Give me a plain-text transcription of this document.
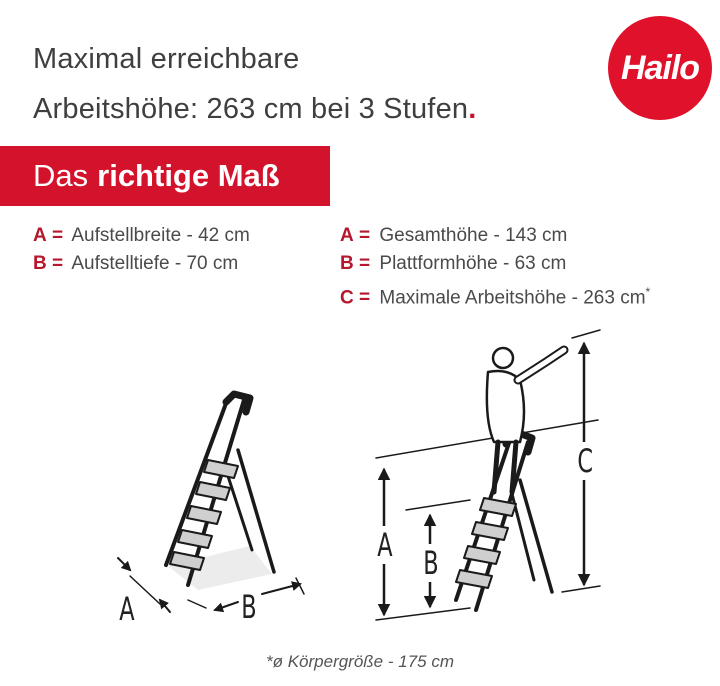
Maximal erreichbare
Arbeitshöhe: 263 cm bei 3 Stufen.
Hailo
Das richtige Maß
A = Aufstellbreite - 42 cm
B = Aufstelltiefe - 70 cm
A = Gesamthöhe - 143 cm
B = Plattformhöhe - 63 cm
C = Maximale Arbeitshöhe - 263 cm*
A	B
A B
C
*ø Körpergröße - 175 cm
